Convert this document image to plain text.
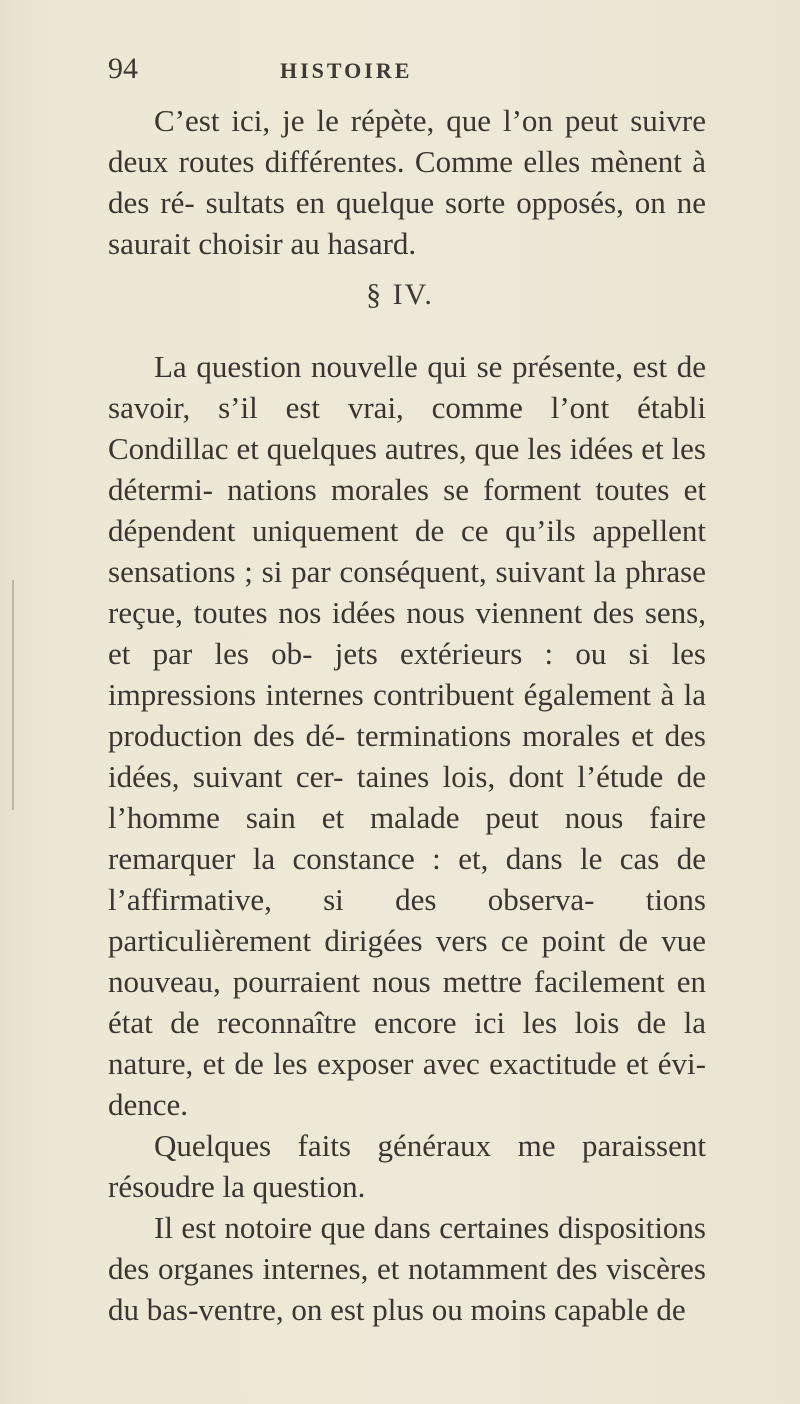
94	HISTOIRE

C’est ici, je le répète, que l’on peut suivre deux routes différentes. Comme elles mènent à des ré- sultats en quelque sorte opposés, on ne saurait choisir au hasard.

§ IV.

La question nouvelle qui se présente, est de savoir, s’il est vrai, comme l’ont établi Condillac et quelques autres, que les idées et les détermi- nations morales se forment toutes et dépendent uniquement de ce qu’ils appellent sensations ; si par conséquent, suivant la phrase reçue, toutes nos idées nous viennent des sens, et par les ob- jets extérieurs : ou si les impressions internes contribuent également à la production des dé- terminations morales et des idées, suivant cer- taines lois, dont l’étude de l’homme sain et malade peut nous faire remarquer la constance : et, dans le cas de l’affirmative, si des observa- tions particulièrement dirigées vers ce point de vue nouveau, pourraient nous mettre facilement en état de reconnaître encore ici les lois de la nature, et de les exposer avec exactitude et évi- dence.

Quelques faits généraux me paraissent résoudre la question.

Il est notoire que dans certaines dispositions des organes internes, et notamment des viscères du bas-ventre, on est plus ou moins capable de
